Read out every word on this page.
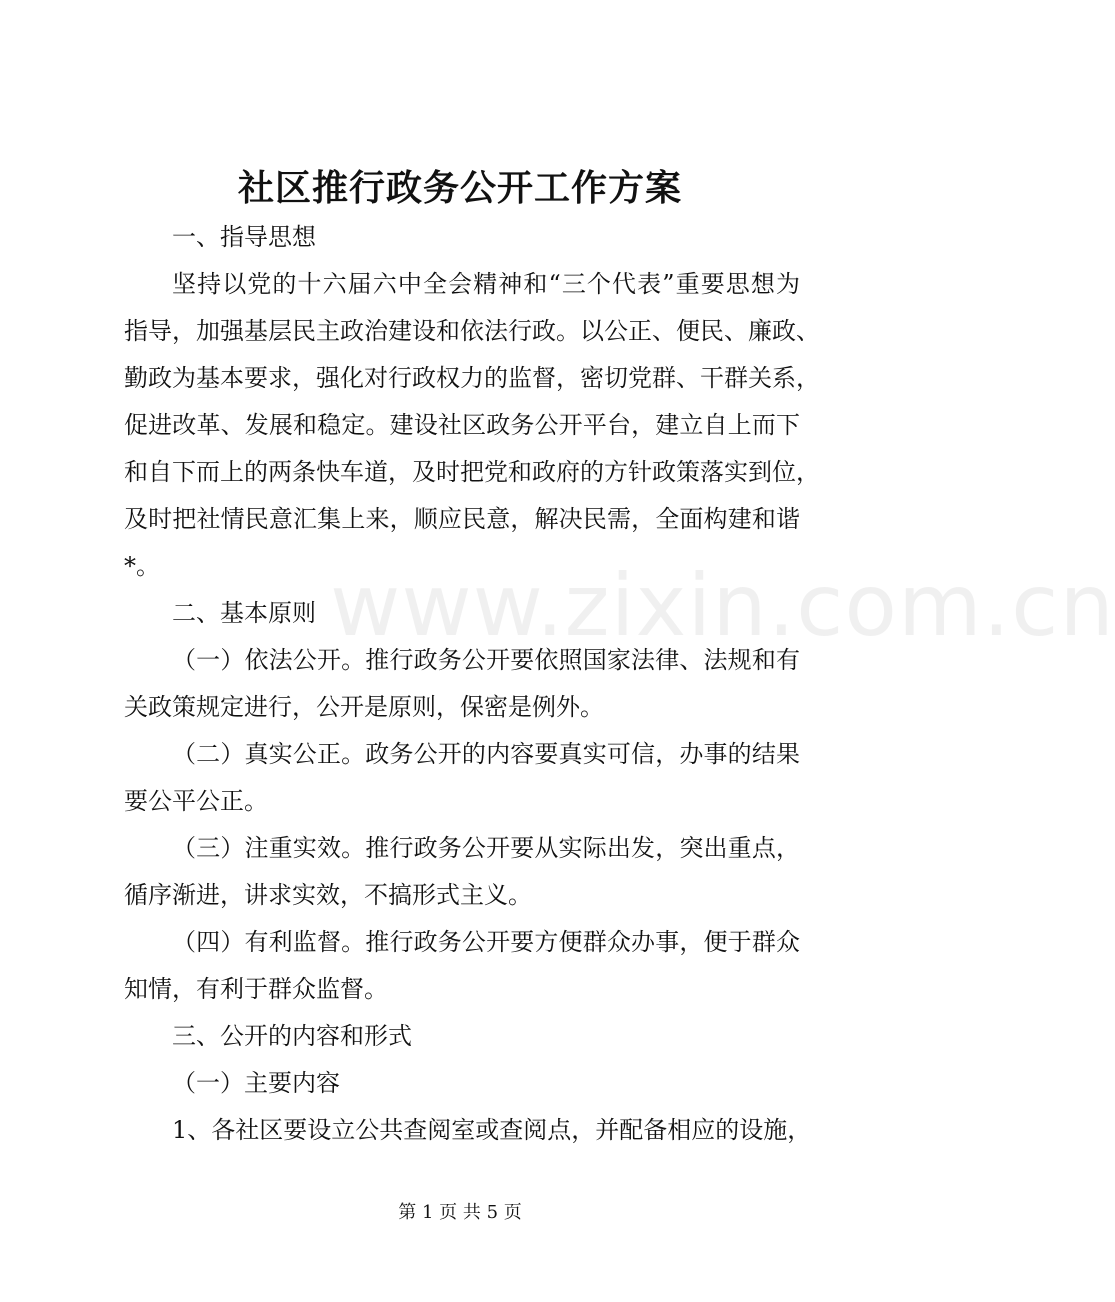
社区推行政务公开工作方案
www.zixin.com.cn
一、指导思想
坚持以党的十六届六中全会精神和“三个代表”重要思想为
指导，加强基层民主政治建设和依法行政。以公正、便民、廉政、
勤政为基本要求，强化对行政权力的监督，密切党群、干群关系，
促进改革、发展和稳定。建设社区政务公开平台，建立自上而下
和自下而上的两条快车道，及时把党和政府的方针政策落实到位，
及时把社情民意汇集上来，顺应民意，解决民需，全面构建和谐
*。
二、基本原则
（一）依法公开。推行政务公开要依照国家法律、法规和有
关政策规定进行，公开是原则，保密是例外。
（二）真实公正。政务公开的内容要真实可信，办事的结果
要公平公正。
（三）注重实效。推行政务公开要从实际出发，突出重点，
循序渐进，讲求实效，不搞形式主义。
（四）有利监督。推行政务公开要方便群众办事，便于群众
知情，有利于群众监督。
三、公开的内容和形式
（一）主要内容
1、各社区要设立公共查阅室或查阅点，并配备相应的设施，
第 1 页 共 5 页
